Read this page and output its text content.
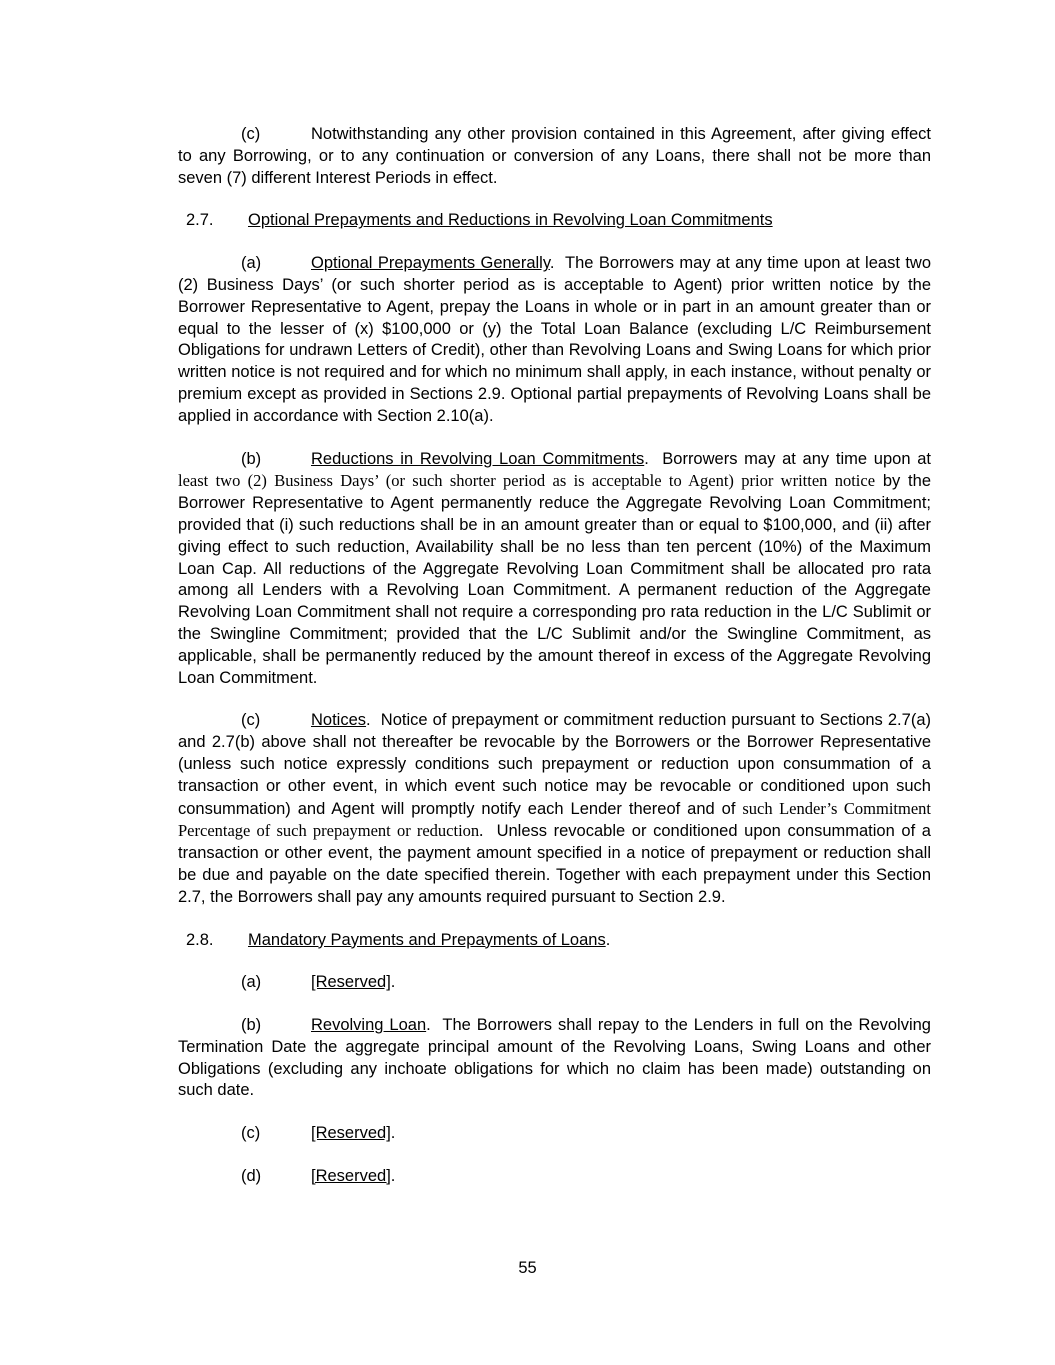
(c)	Notwithstanding any other provision contained in this Agreement, after giving effect to any Borrowing, or to any continuation or conversion of any Loans, there shall not be more than seven (7) different Interest Periods in effect.

2.7. Optional Prepayments and Reductions in Revolving Loan Commitments

(a)	Optional Prepayments Generally.  The Borrowers may at any time upon at least two (2) Business Days’ (or such shorter period as is acceptable to Agent) prior written notice by the Borrower Representative to Agent, prepay the Loans in whole or in part in an amount greater than or equal to the lesser of (x) $100,000 or (y) the Total Loan Balance (excluding L/C Reimbursement Obligations for undrawn Letters of Credit), other than Revolving Loans and Swing Loans for which prior written notice is not required and for which no minimum shall apply, in each instance, without penalty or premium except as provided in Sections 2.9. Optional partial prepayments of Revolving Loans shall be applied in accordance with Section 2.10(a).

(b)	Reductions in Revolving Loan Commitments.  Borrowers may at any time upon at least two (2) Business Days’ (or such shorter period as is acceptable to Agent) prior written notice by the Borrower Representative to Agent permanently reduce the Aggregate Revolving Loan Commitment; provided that (i) such reductions shall be in an amount greater than or equal to $100,000, and (ii) after giving effect to such reduction, Availability shall be no less than ten percent (10%) of the Maximum Loan Cap. All reductions of the Aggregate Revolving Loan Commitment shall be allocated pro rata among all Lenders with a Revolving Loan Commitment. A permanent reduction of the Aggregate Revolving Loan Commitment shall not require a corresponding pro rata reduction in the L/C Sublimit or the Swingline Commitment; provided that the L/C Sublimit and/or the Swingline Commitment, as applicable, shall be permanently reduced by the amount thereof in excess of the Aggregate Revolving Loan Commitment.

(c)	Notices.  Notice of prepayment or commitment reduction pursuant to Sections 2.7(a) and 2.7(b) above shall not thereafter be revocable by the Borrowers or the Borrower Representative (unless such notice expressly conditions such prepayment or reduction upon consummation of a transaction or other event, in which event such notice may be revocable or conditioned upon such consummation) and Agent will promptly notify each Lender thereof and of such Lender’s Commitment Percentage of such prepayment or reduction. Unless revocable or conditioned upon consummation of a transaction or other event, the payment amount specified in a notice of prepayment or reduction shall be due and payable on the date specified therein. Together with each prepayment under this Section 2.7, the Borrowers shall pay any amounts required pursuant to Section 2.9.

2.8. Mandatory Payments and Prepayments of Loans.

(a)	[Reserved].

(b)	Revolving Loan.  The Borrowers shall repay to the Lenders in full on the Revolving Termination Date the aggregate principal amount of the Revolving Loans, Swing Loans and other Obligations (excluding any inchoate obligations for which no claim has been made) outstanding on such date.

(c)	[Reserved].

(d)	[Reserved].

55
